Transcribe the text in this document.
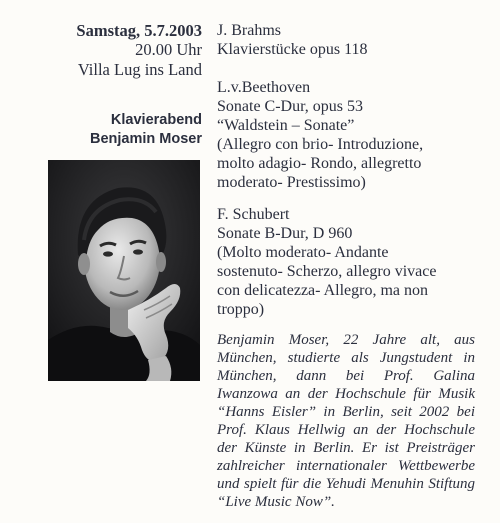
Samstag, 5.7.2003
20.00 Uhr
Villa Lug ins Land
Klavierabend
Benjamin Moser
J. Brahms
Klavierstücke opus 118
L.v.Beethoven
Sonate C-Dur, opus 53
“Waldstein – Sonate”
(Allegro con brio- Introduzione,
molto adagio- Rondo, allegretto
moderato- Prestissimo)
F. Schubert
Sonate B-Dur, D 960
(Molto moderato- Andante
sostenuto- Scherzo, allegro vivace
con delicatezza- Allegro, ma non
troppo)
Benjamin Moser, 22 Jahre alt, aus München, studierte als Jungstudent in München, dann bei Prof. Galina Iwanzowa an der Hochschule für Musik “Hanns Eisler” in Berlin, seit 2002 bei Prof. Klaus Hellwig an der Hochschule der Künste in Berlin. Er ist Preisträger zahlreicher internationaler Wettbewerbe und spielt für die Yehudi Menuhin Stiftung “Live Music Now”.
